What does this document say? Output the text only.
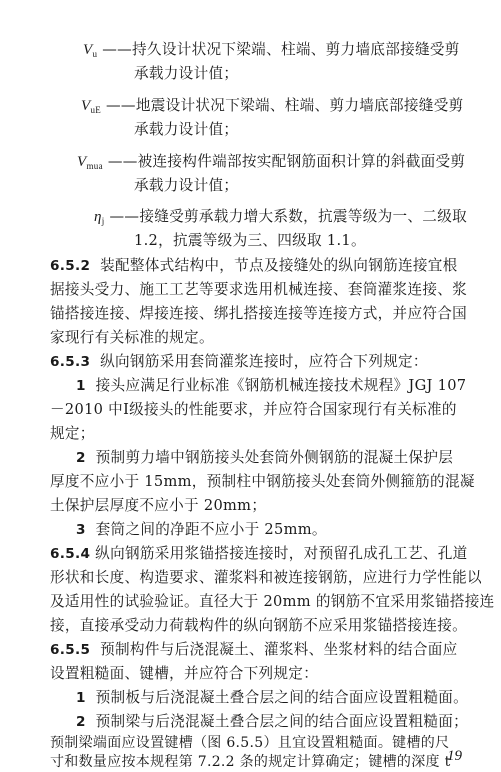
$V_u$ ——持久设计状况下梁端、柱端、剪力墙底部接缝受剪
承载力设计值；
$V_{uE}$ ——地震设计状况下梁端、柱端、剪力墙底部接缝受剪
承载力设计值；
$V_{mua}$ ——被连接构件端部按实配钢筋面积计算的斜截面受剪
承载力设计值；
$\eta_j$ ——接缝受剪承载力增大系数，抗震等级为一、二级取
1.2，抗震等级为三、四级取 1.1。
6.5.2 装配整体式结构中，节点及接缝处的纵向钢筋连接宜根
据接头受力、施工工艺等要求选用机械连接、套筒灌浆连接、浆
锚搭接连接、焊接连接、绑扎搭接连接等连接方式，并应符合国
家现行有关标准的规定。
6.5.3 纵向钢筋采用套筒灌浆连接时，应符合下列规定：
1 接头应满足行业标准《钢筋机械连接技术规程》JGJ 107
－2010 中Ⅰ级接头的性能要求，并应符合国家现行有关标准的
规定；
2 预制剪力墙中钢筋接头处套筒外侧钢筋的混凝土保护层
厚度不应小于 15mm，预制柱中钢筋接头处套筒外侧箍筋的混凝
土保护层厚度不应小于 20mm；
3 套筒之间的净距不应小于 25mm。
6.5.4 纵向钢筋采用浆锚搭接连接时，对预留孔成孔工艺、孔道
形状和长度、构造要求、灌浆料和被连接钢筋，应进行力学性能以
及适用性的试验验证。直径大于 20mm 的钢筋不宜采用浆锚搭接连
接，直接承受动力荷载构件的纵向钢筋不应采用浆锚搭接连接。
6.5.5 预制构件与后浇混凝土、灌浆料、坐浆材料的结合面应
设置粗糙面、键槽，并应符合下列规定：
1 预制板与后浇混凝土叠合层之间的结合面应设置粗糙面。
2 预制梁与后浇混凝土叠合层之间的结合面应设置粗糙面；
预制梁端面应设置键槽（图 6.5.5）且宜设置粗糙面。键槽的尺
寸和数量应按本规程第 7.2.2 条的规定计算确定；键槽的深度 t
19
